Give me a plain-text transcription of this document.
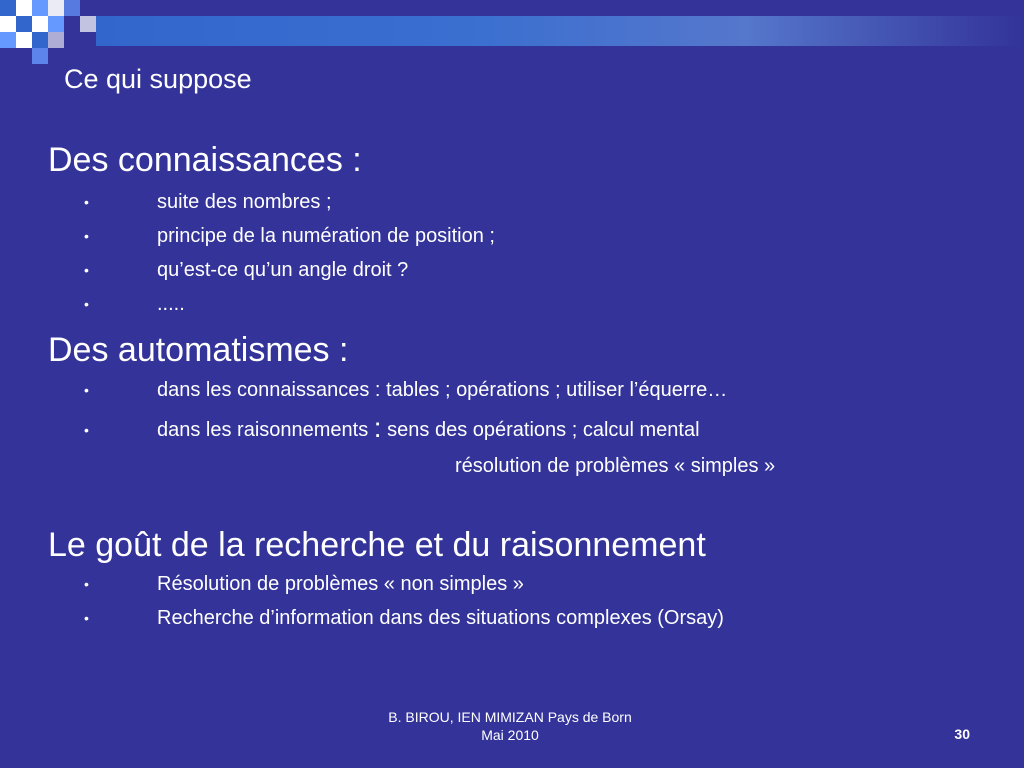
Ce qui suppose
Des connaissances :
•	suite des nombres ;
•	principe de la numération de position ;
•	qu’est-ce qu’un angle droit ?
•	.....
Des automatismes :
•	dans les connaissances : tables ; opérations ; utiliser l’équerre…
•	dans les raisonnements : sens des opérations ; calcul mental
résolution de problèmes « simples »
Le goût de la recherche et du raisonnement
•	Résolution de problèmes « non simples »
•	Recherche d’information dans des situations complexes (Orsay)
B. BIROU, IEN MIMIZAN Pays de Born
Mai 2010	30
